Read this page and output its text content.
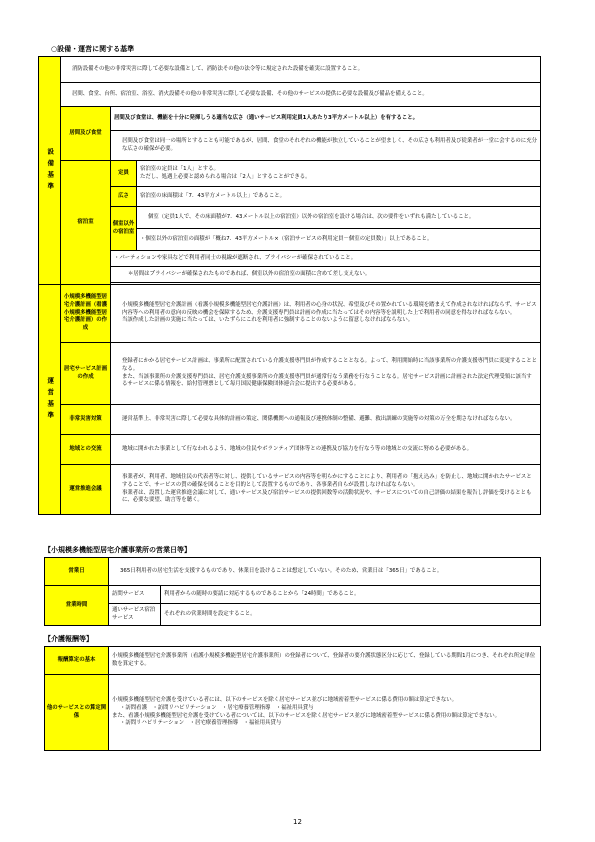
○設備・運営に関する基準
設備基準	消防設備その他の非常災害に際して必要な設備として、消防法その他の法令等に規定された設備を確実に設置すること。		

	居間、食堂、台所、宿泊室、浴室、消火設備その他の非常災害に際して必要な設備、その他のサービスの提供に必要な設備及び備品を備えること。		

	居間及び食堂	居間及び食堂は、機能を十分に発揮しうる適当な広さ（通いサービス利用定員1人あたり3平方メートル以上）を有すること。	

		居間及び食堂は同一の場所とすることも可能であるが、居間、食堂のそれぞれの機能が独立していることが望ましく、その広さも利用者及び従業者が一堂に会するのに充分な広さの確保が必要。	

	宿泊室	定員	宿泊室の定員は「1人」とする。
ただし、処遇上必要と認められる場合は「2人」とすることができる。
		広さ	宿泊室の床面積は「7．43平方メートル以上」であること。
		個室以外の宿泊室	個室（定員1人で、その床面積が7．43メートル以上の宿泊室）以外の宿泊室を設ける場合は、次の要件をいずれも満たしていること。

			・個室以外の宿泊室の面積が「概ね7．43平方メートル×（宿泊サービスの利用定員－個室の定員数）」以上であること。
		・パーティションや家具などで利用者同士の視線が遮断され、プライバシーが確保されていること。	

		＊居間はプライバシーが確保されたものであれば、個室以外の宿泊室の面積に含めて差し支えない。	

運営基準	小規模多機能型居宅介護計画（看護小規模多機能型居宅介護計画）の作成	小規模多機能型居宅介護計画（看護小規模多機能型居宅介護計画）は、利用者の心身の状況、希望及びその置かれている環境を踏まえて作成されなければならず、サービス内容等への利用者の意向の反映の機会を保障するため、介護支援専門員は計画の作成に当たってはその内容等を説明した上で利用者の同意を得なければならない。
当該作成した計画の実施に当たっては、いたずらにこれを利用者に強制することのないように留意しなければならない。	

	居宅サービス計画の作成	登録者にかかる居宅サービス計画は、事業所に配置されている介護支援専門員が作成することとなる。よって、利用開始時に当該事業所の介護支援専門員に変更することとなる。
また、当該事業所の介護支援専門員は、居宅介護支援事業所の介護支援専門員が通常行なう業務を行なうことなる。居宅サービス計画に計画された法定代理受領に該当するサービスに係る情報を、給付管理票として毎月国民健康保険団体連合会に提出する必要がある。	

	非常災害対策	運営基準上、非常災害に際して必要な具体的計画の策定、関係機関への通報及び連携体制の整備、避難、救出訓練の実施等の対策の万全を期さなければならない。	

	地域との交流	地域に開かれた事業として行なわれるよう、地域の住民やボランティア団体等との連携及び協力を行なう等の地域との交流に努める必要がある。	

	運営推進会議	事業者が、利用者、地域住民の代表者等に対し、提供しているサービスの内容等を明らかにすることにより、利用者の「抱え込み」を防止し、地域に開かれたサービスとすることで、サービスの質の確保を図ることを目的として設置するものであり、各事業者自らが設置しなければならない。
事業者は、設置した運営推進会議に対して、通いサービス及び宿泊サービスの提供回数等の活動状況や、サービスについての自己評価の結果を報告し評価を受けるとともに、必要な要望、助言等を聴く。	
【小規模多機能型居宅介護事業所の営業日等】
営業日	365日利用者の居宅生活を支援するものであり、休業日を設けることは想定していない。そのため、営業日は「365日」であること。	

営業時間	訪問サービス	利用者からの随時の要請に対応するものであることから「24時間」であること。
	通いサービス宿泊サービス	それぞれの営業時間を設定すること。
【介護報酬等】
報酬算定の基本	小規模多機能型居宅介護事業所（看護小規模多機能型居宅介護事業所）の登録者について、登録者の要介護状態区分に応じて、登録している期間1月につき、それぞれ所定単位数を算定する。
他のサービスとの算定関係	小規模多機能型居宅介護を受けている者には、以下のサービスを除く居宅サービス並びに地域密着型サービスに係る費用の額は算定できない。

・訪問看護　・訪問リハビリテーション　・居宅療養管理指導　・福祉用具貸与
また、看護小規模多機能型居宅介護を受けている者については、以下のサービスを除く居宅サービス並びに地域密着型サービスに係る費用の額は算定できない。

・訪問リハビリテーション　・居宅療養管理指導　・福祉用具貸与
12
